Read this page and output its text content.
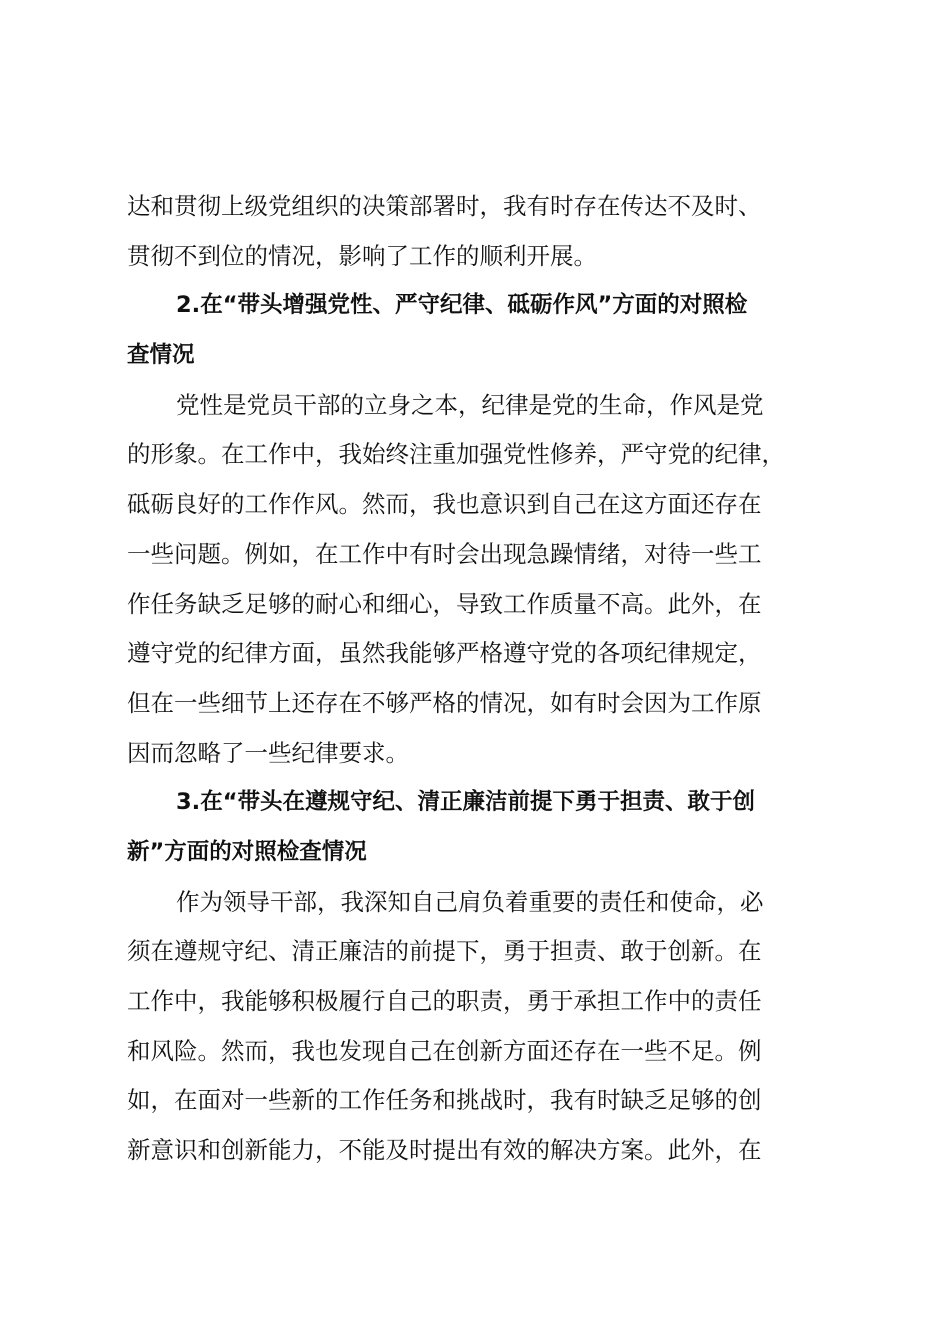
达和贯彻上级党组织的决策部署时，我有时存在传达不及时、
贯彻不到位的情况，影响了工作的顺利开展。
2.在“带头增强党性、严守纪律、砥砺作风”方面的对照检
查情况
党性是党员干部的立身之本，纪律是党的生命，作风是党
的形象。在工作中，我始终注重加强党性修养，严守党的纪律，
砥砺良好的工作作风。然而，我也意识到自己在这方面还存在
一些问题。例如，在工作中有时会出现急躁情绪，对待一些工
作任务缺乏足够的耐心和细心，导致工作质量不高。此外，在
遵守党的纪律方面，虽然我能够严格遵守党的各项纪律规定，
但在一些细节上还存在不够严格的情况，如有时会因为工作原
因而忽略了一些纪律要求。
3.在“带头在遵规守纪、清正廉洁前提下勇于担责、敢于创
新”方面的对照检查情况
作为领导干部，我深知自己肩负着重要的责任和使命，必
须在遵规守纪、清正廉洁的前提下，勇于担责、敢于创新。在
工作中，我能够积极履行自己的职责，勇于承担工作中的责任
和风险。然而，我也发现自己在创新方面还存在一些不足。例
如，在面对一些新的工作任务和挑战时，我有时缺乏足够的创
新意识和创新能力，不能及时提出有效的解决方案。此外，在
